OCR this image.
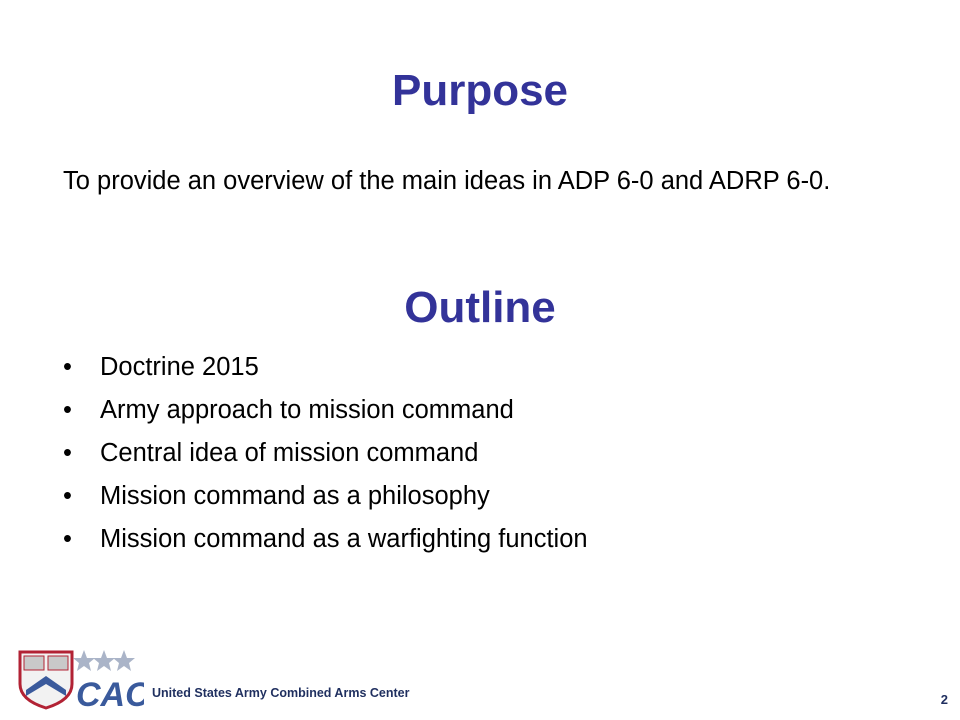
Purpose
To provide an overview of the main ideas in ADP 6-0 and ADRP 6-0.
Outline
•	Doctrine 2015
•	Army approach to mission command
•	Central idea of mission command
•	Mission command as a philosophy
•	Mission command as a warfighting function
CAC United States Army Combined Arms Center	2
